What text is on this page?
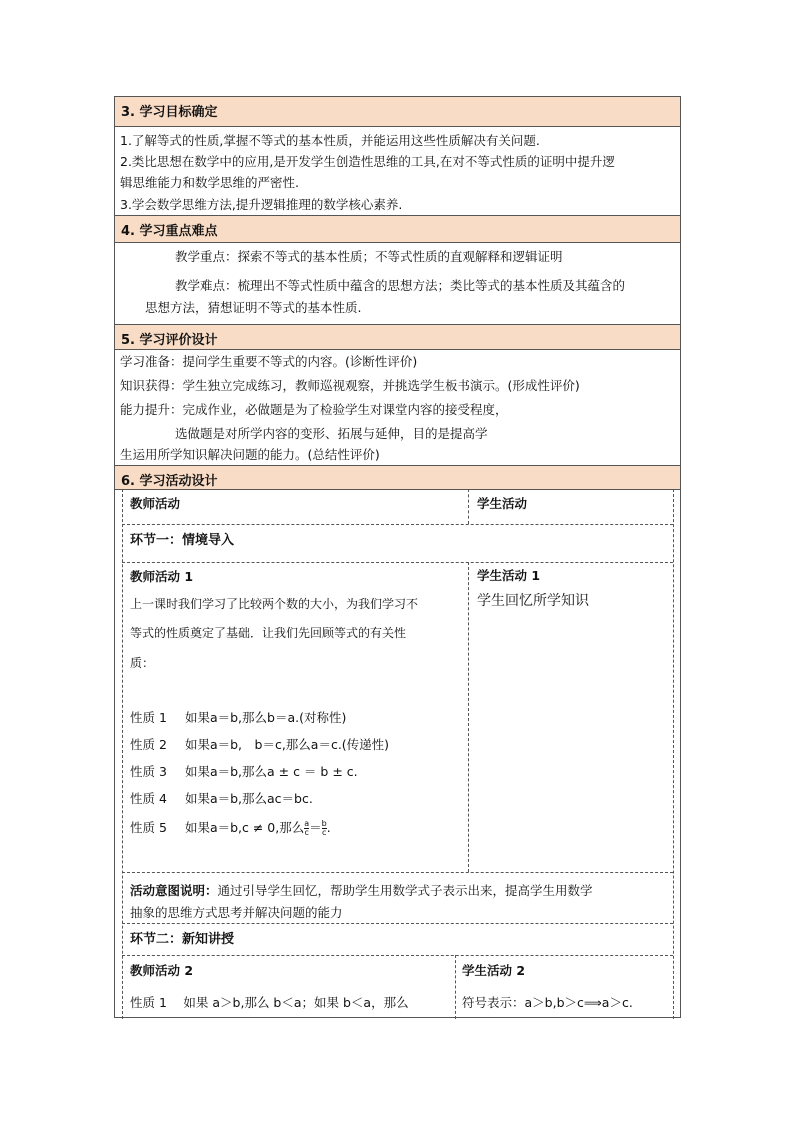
3. 学习目标确定
1.了解等式的性质,掌握不等式的基本性质，并能运用这些性质解决有关问题.
2.类比思想在数学中的应用,是开发学生创造性思维的工具,在对不等式性质的证明中提升逻
辑思维能力和数学思维的严密性.
3.学会数学思维方法,提升逻辑推理的数学核心素养.
4. 学习重点难点
教学重点：探索不等式的基本性质；不等式性质的直观解释和逻辑证明
教学难点：梳理出不等式性质中蕴含的思想方法；类比等式的基本性质及其蕴含的
思想方法，猜想证明不等式的基本性质.
5. 学习评价设计
学习准备：提问学生重要不等式的内容。(诊断性评价)
知识获得：学生独立完成练习，教师巡视观察，并挑选学生板书演示。(形成性评价)
能力提升：完成作业，必做题是为了检验学生对课堂内容的接受程度，
选做题是对所学内容的变形、拓展与延伸，目的是提高学
生运用所学知识解决问题的能力。(总结性评价)
6. 学习活动设计
教师活动	学生活动
环节一：情境导入
教师活动 1
上一课时我们学习了比较两个数的大小，为我们学习不
等式的性质奠定了基础．让我们先回顾等式的有关性
质：
性质 1 如果a＝b,那么b＝a.(对称性)
性质 2 如果a＝b,　b＝c,那么a＝c.(传递性)
性质 3 如果a＝b,那么a ± c ＝ b ± c.
性质 4 如果a＝b,那么ac＝bc.
性质 5 如果a＝b,c ≠ 0,那么 $\frac{a}{c} = \frac{b}{c}$ .
学生活动 1
学生回忆所学知识
活动意图说明：通过引导学生回忆，帮助学生用数学式子表示出来，提高学生用数学
抽象的思维方式思考并解决问题的能力
环节二：新知讲授
教师活动 2
性质 1　 如果 a＞b,那么 b＜a；如果 b＜a，那么
学生活动 2
符号表示：a＞b,b＞c⟹a＞c.
